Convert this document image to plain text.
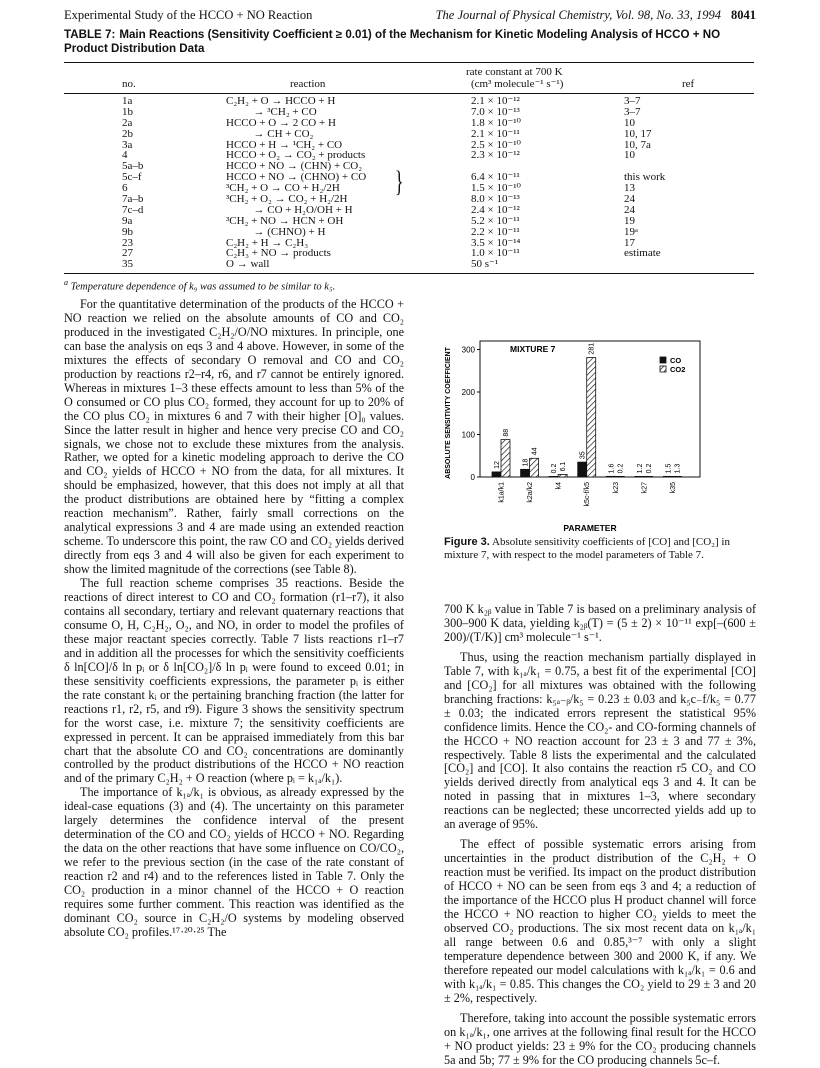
Experimental Study of the HCCO + NO Reaction	The Journal of Physical Chemistry, Vol. 98, No. 33, 1994 8041
TABLE 7: Main Reactions (Sensitivity Coefficient ≥ 0.01) of the Mechanism for Kinetic Modeling Analysis of HCCO + NO Product Distribution Data
no.	reaction
rate constant at 700 K
(cm³ molecule⁻¹ s⁻¹)	ref
1a	C₂H₂ + O → HCCO + H	2.1 × 10⁻¹²	3–7
1b	→ ³CH₂ + CO	7.0 × 10⁻¹³	3–7
2a	HCCO + O → 2 CO + H	1.8 × 10⁻¹⁰	10
2b	→ CH + CO₂	2.1 × 10⁻¹¹	10, 17
3a	HCCO + H → ¹CH₂ + CO	2.5 × 10⁻¹⁰	10, 7a
4	HCCO + O₂ → CO₂ + products	2.3 × 10⁻¹²	10
5a–b	HCCO + NO → (CHN) + CO₂
5c–f	HCCO + NO → (CHNO) + CO	6.4 × 10⁻¹¹	this work
6	³CH₂ + O → CO + H₂/2H	1.5 × 10⁻¹⁰	13
7a–b	³CH₂ + O₂ → CO₂ + H₂/2H	8.0 × 10⁻¹³	24
7c–d	→ CO + H₂O/OH + H	2.4 × 10⁻¹²	24
9a	³CH₂ + NO → HCN + OH	5.2 × 10⁻¹¹	19
9b	→ (CHNO) + H	2.2 × 10⁻¹¹	19ᵃ
23	C₂H₂ + H → C₂H₃	3.5 × 10⁻¹⁴	17
27	C₂H₃ + NO → products	1.0 × 10⁻¹¹	estimate
35	O → wall	50 s⁻¹
}
$^a$ Temperature dependence of k₉ was assumed to be similar to k₅.

For the quantitative determination of the products of the HCCO + NO reaction we relied on the absolute amounts of CO and CO₂ produced in the investigated C₂H₂/O/NO mixtures. In principle, one can base the analysis on eqs 3 and 4 above. However, in some of the mixtures the effects of secondary O removal and CO and CO₂ production by reactions r2–r4, r6, and r7 cannot be entirely ignored. Whereas in mixtures 1–3 these effects amount to less than 5% of the O consumed or CO plus CO₂ formed, they account for up to 20% of the CO plus CO₂ in mixtures 6 and 7 with their higher [O]₀ values. Since the latter result in higher and hence very precise CO and CO₂ signals, we chose not to exclude these mixtures from the analysis. Rather, we opted for a kinetic modeling approach to derive the CO and CO₂ yields of HCCO + NO from the data, for all mixtures. It should be emphasized, however, that this does not imply at all that the product distributions are obtained here by “fitting a complex reaction mechanism”. Rather, fairly small corrections on the analytical expressions 3 and 4 are made using an extended reaction scheme. To underscore this point, the raw CO and CO₂ yields derived directly from eqs 3 and 4 will also be given for each experiment to show the limited magnitude of the corrections (see Table 8).

The full reaction scheme comprises 35 reactions. Beside the reactions of direct interest to CO and CO₂ formation (r1–r7), it also contains all secondary, tertiary and relevant quaternary reactions that consume O, H, C₂H₂, O₂, and NO, in order to model the profiles of these major reactant species correctly. Table 7 lists reactions r1–r7 and in addition all the processes for which the sensitivity coefficients δ ln[CO]/δ ln pᵢ or δ ln[CO₂]/δ ln pᵢ were found to exceed 0.01; in these sensitivity coefficients expressions, the parameter pᵢ is either the rate constant kᵢ or the pertaining branching fraction (the latter for reactions r1, r2, r5, and r9). Figure 3 shows the sensitivity spectrum for the worst case, i.e. mixture 7; the sensitivity coefficients are expressed in percent. It can be appraised immediately from this bar chart that the absolute CO and CO₂ concentrations are dominantly controlled by the product distributions of the HCCO + NO reaction and of the primary C₂H₂ + O reaction (where pᵢ = k₁ₐ/k₁).

The importance of k₁ₐ/k₁ is obvious, as already expressed by the ideal-case equations (3) and (4). The uncertainty on this parameter largely determines the confidence interval of the present determination of the CO and CO₂ yields of HCCO + NO. Regarding the data on the other reactions that have some influence on CO/CO₂, we refer to the previous section (in the case of the rate constant of reaction r2 and r4) and to the references listed in Table 7. Only the CO₂ production in a minor channel of the HCCO + O reaction requires some further comment. This reaction was identified as the dominant CO₂ source in C₂H₂/O systems by modeling observed absolute CO₂ profiles.¹⁷·²⁰·²⁵ The

ABSOLUTE SENSITIVITY COEFFICIENT 0
100
200
300	MIXTURE 7
12
88
k1a/k1
18
44
k2a/k2
0.2 6.1
k4
35
281
k5c-f/k5
1.6 0.2
k23
1.2 0.2
k27
1.5 1.3
k35
CO
CO2
PARAMETER
Figure 3. Absolute sensitivity coefficients of [CO] and [CO₂] in mixture 7, with respect to the model parameters of Table 7.

700 K k₂ᵦ value in Table 7 is based on a preliminary analysis of 300–900 K data, yielding k₂ᵦ(T) = (5 ± 2) × 10⁻¹¹ exp[–(600 ± 200)/(T/K)] cm³ molecule⁻¹ s⁻¹.

Thus, using the reaction mechanism partially displayed in Table 7, with k₁ₐ/k₁ = 0.75, a best fit of the experimental [CO] and [CO₂] for all mixtures was obtained with the following branching fractions: k₅ₐ₋ᵦ/k₅ = 0.23 ± 0.03 and k₅c₋f/k₅ = 0.77 ± 0.03; the indicated errors represent the statistical 95% confidence limits. Hence the CO₂- and CO-forming channels of the HCCO + NO reaction account for 23 ± 3 and 77 ± 3%, respectively. Table 8 lists the experimental and the calculated [CO₂] and [CO]. It also contains the reaction r5 CO₂ and CO yields derived directly from analytical eqs 3 and 4. It can be noted in passing that in mixtures 1–3, where secondary reactions can be neglected; these uncorrected yields add up to an average of 95%.

The effect of possible systematic errors arising from uncertainties in the product distribution of the C₂H₂ + O reaction must be verified. Its impact on the product distribution of HCCO + NO can be seen from eqs 3 and 4; a reduction of the importance of the HCCO plus H product channel will force the HCCO + NO reaction to higher CO₂ yields to meet the observed CO₂ productions. The six most recent data on k₁ₐ/k₁ all range between 0.6 and 0.85,³⁻⁷ with only a slight temperature dependence between 300 and 2000 K, if any. We therefore repeated our model calculations with k₁ₐ/k₁ = 0.6 and with k₁ₐ/k₁ = 0.85. This changes the CO₂ yield to 29 ± 3 and 20 ± 2%, respectively.

Therefore, taking into account the possible systematic errors on k₁ₐ/k₁, one arrives at the following final result for the HCCO + NO product yields: 23 ± 9% for the CO₂ producing channels 5a and 5b; 77 ± 9% for the CO producing channels 5c–f.
